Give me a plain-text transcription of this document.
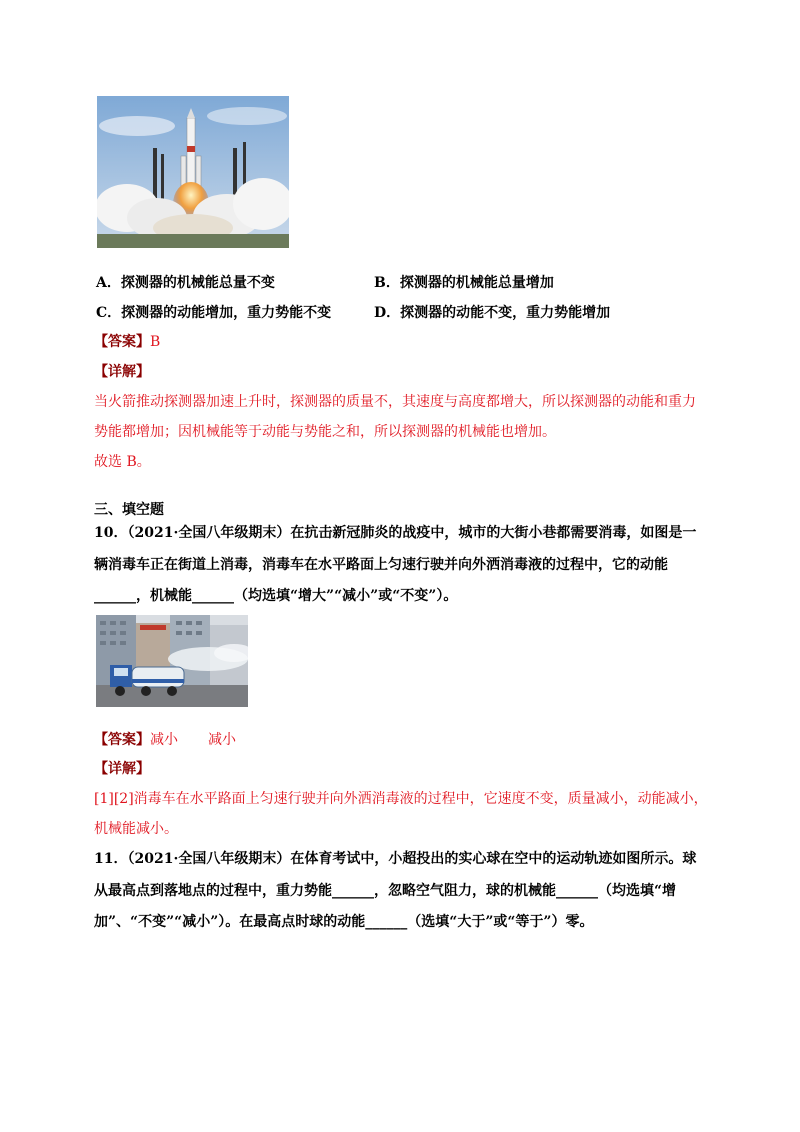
A．探测器的机械能总量不变	B．探测器的机械能总量增加
C．探测器的动能增加，重力势能不变	D．探测器的动能不变，重力势能增加
【答案】B
【详解】
当火箭推动探测器加速上升时，探测器的质量不，其速度与高度都增大，所以探测器的动能和重力
势能都增加；因机械能等于动能与势能之和，所以探测器的机械能也增加。
故选 B。
三、填空题
10．（2021·全国八年级期末）在抗击新冠肺炎的战疫中，城市的大街小巷都需要消毒，如图是一
辆消毒车正在街道上消毒，消毒车在水平路面上匀速行驶并向外洒消毒液的过程中，它的动能
______，机械能______（均选填“增大”“减小”或“不变”）。
【答案】减小 减小
【详解】
[1][2]消毒车在水平路面上匀速行驶并向外洒消毒液的过程中，它速度不变，质量减小，动能减小，
机械能减小。
11．（2021·全国八年级期末）在体育考试中，小超投出的实心球在空中的运动轨迹如图所示。球
从最高点到落地点的过程中，重力势能______，忽略空气阻力，球的机械能______（均选填“增
加”、“不变”“减小”）。在最高点时球的动能______（选填“大于”或“等于”）零。
